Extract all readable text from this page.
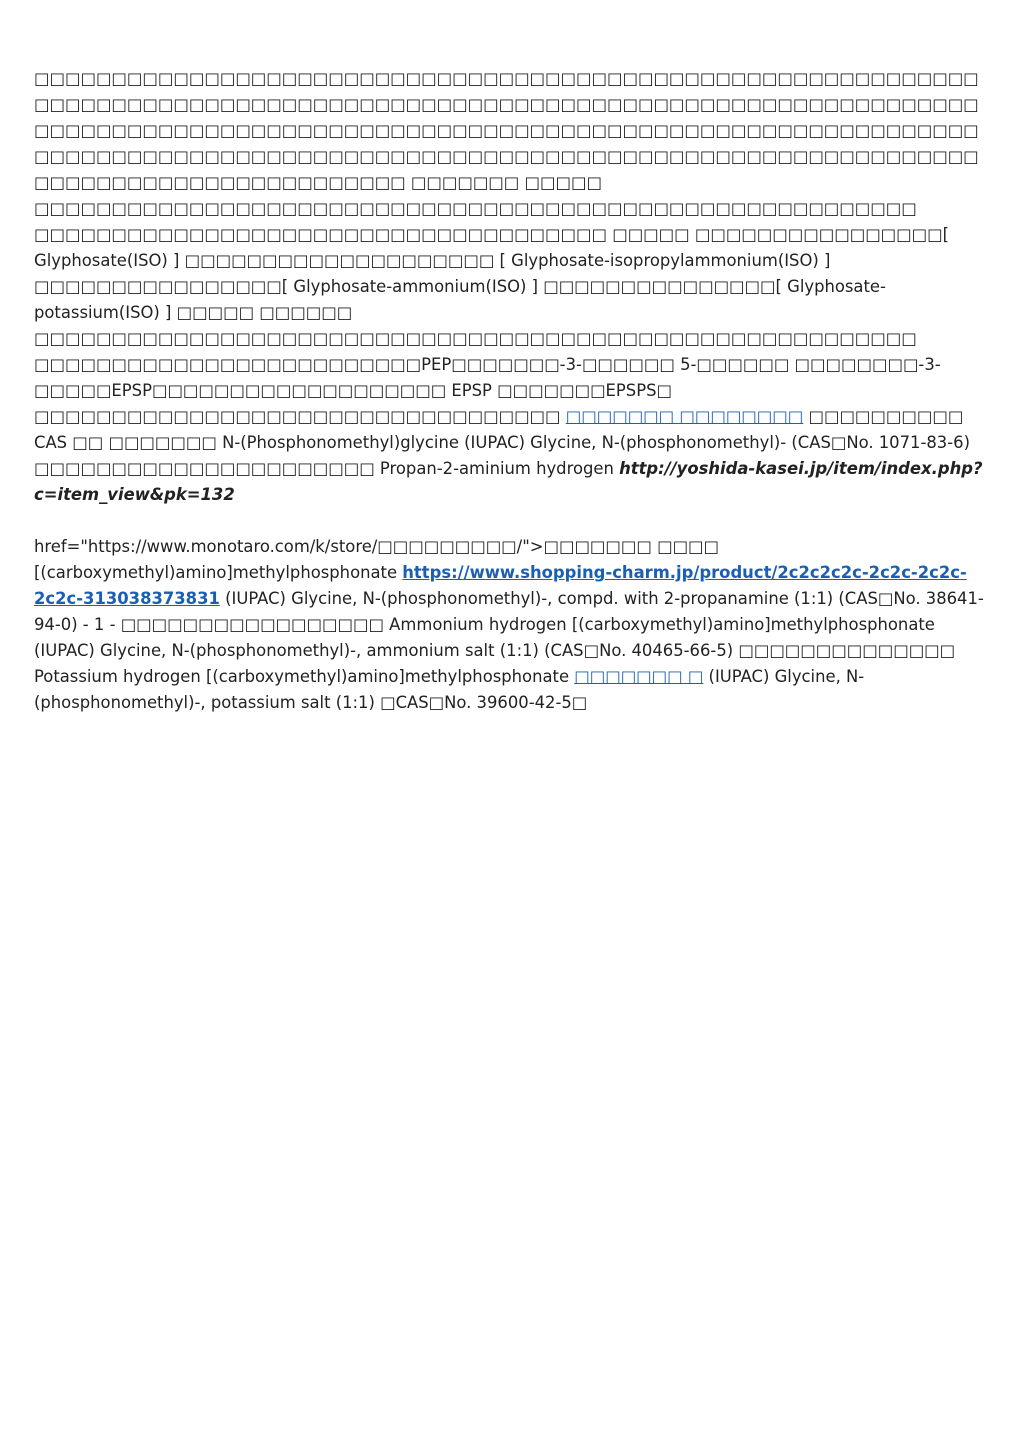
□□□□□□□□□□□□□□□□□□□□□□□□□□□□□□□□□□□□□□□□□□□□□□□□□□□□□□□□□□□□□□□□□□□□□□□□□□□□□□□□□□□□□□□□□□□□□□□□□□□□□□□□□□□□□□□□□□□□□□□□□□□□□□□□□□□□□□□□□□□□□□□□□□□□□□□□□□□□□□□□□□□□□□□□□□□□□□□□□□□□□□□□□□□□□□□□□□□□□□□□□□□□□□□□□□□□□□□□□□□□□□□□□□□□□□□□□□□□□□□□□□□□□□□□□□□□□□□□□□□□□□□□□□□□ □□□□□□□ □□□□□ □□□□□□□□□□□□□□□□□□□□□□□□□□□□□□□□□□□□□□□□□□□□□□□□□□□□□□□□□ □□□□□□□□□□□□□□□□□□□□□□□□□□□□□□□□□□□□□ □□□□□ □□□□□□□□□□□□□□□□[ Glyphosate(ISO) ] □□□□□□□□□□□□□□□□□□□□ [ Glyphosate-isopropylammonium(ISO) ] □□□□□□□□□□□□□□□□[ Glyphosate-ammonium(ISO) ] □□□□□□□□□□□□□□□[ Glyphosate-potassium(ISO) ] □□□□□ □□□□□□ □□□□□□□□□□□□□□□□□□□□□□□□□□□□□□□□□□□□□□□□□□□□□□□□□□□□□□□□□ □□□□□□□□□□□□□□□□□□□□□□□□□PEP□□□□□□□-3-□□□□□□ 5-□□□□□□ □□□□□□□□-3-□□□□□EPSP□□□□□□□□□□□□□□□□□□□ EPSP □□□□□□□EPSPS□ □□□□□□□□□□□□□□□□□□□□□□□□□□□□□□□□□□ □□□□□□□ □□□□□□□□ □□□□□□□□□□ CAS □□ □□□□□□□ N-(Phosphonomethyl)glycine (IUPAC) Glycine, N-(phosphonomethyl)- (CAS□No. 1071-83-6) □□□□□□□□□□□□□□□□□□□□□□ Propan-2-aminium hydrogen http://yoshida-kasei.jp/item/index.php?c=item_view&pk=132

href="https://www.monotaro.com/k/store/□□□□□□□□□/">□□□□□□□ □□□□ [(carboxymethyl)amino]methylphosphonate https://www.shopping-charm.jp/product/2c2c2c2c-2c2c-2c2c-2c2c-313038373831 (IUPAC) Glycine, N-(phosphonomethyl)-, compd. with 2-propanamine (1:1) (CAS□No. 38641-94-0) - 1 - □□□□□□□□□□□□□□□□□ Ammonium hydrogen [(carboxymethyl)amino]methylphosphonate (IUPAC) Glycine, N-(phosphonomethyl)-, ammonium salt (1:1) (CAS□No. 40465-66-5) □□□□□□□□□□□□□□ Potassium hydrogen [(carboxymethyl)amino]methylphosphonate □□□□□□□ □ (IUPAC) Glycine, N-(phosphonomethyl)-, potassium salt (1:1) □CAS□No. 39600-42-5□
